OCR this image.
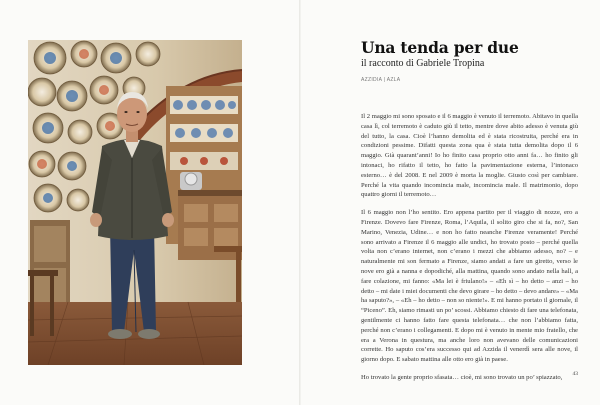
Una tenda per due

il racconto di Gabriele Tropina

AZZIDIA | AZLA

Il 2 maggio mi sono sposato e il 6 maggio è venuto il terremoto. Abitavo in quella casa lì, col terremoto è caduto giù il tetto, mentre dove abito adesso è venuta giù del tutto, la casa. Cioè l’hanno demolita ed è stata ricostruita, perché era in condizioni pessime. Difatti questa zona qua è stata tutta demolita dopo il 6 maggio. Già quarant’anni! Io ho finito casa proprio otto anni fa… ho finito gli intonaci, ho rifatto il tetto, ho fatto la pavimentazione esterna, l’intonaco esterno… è del 2008. E nel 2009 è morta la moglie. Giusto così per cambiare. Perché la vita quando incomincia male, incomincia male. Il matrimonio, dopo quattro giorni il terremoto…

Il 6 maggio non l’ho sentito. Ero appena partito per il viaggio di nozze, ero a Firenze. Dovevo fare Firenze, Roma, l’Aquila, il solito giro che si fa, no?, San Marino, Venezia, Udine… e non ho fatto neanche Firenze veramente! Perché sono arrivato a Firenze il 6 maggio alle undici, ho trovato posto – perché quella volta non c’erano internet, non c’erano i mezzi che abbiamo adesso, no? – e naturalmente mi son fermato a Firenze, siamo andati a fare un giretto, verso le nove ero già a nanna e dopodiché, alla mattina, quando sono andato nella hall, a fare colazione, mi fanno: «Ma lei è friulano!» – «Eh sì – ho detto – anzi – ho detto – mi date i miei documenti che devo girare – ho detto – devo andare» – «Ma ha saputo?», – «Eh – ho detto – non so niente!». E mi hanno portato il giornale, il “Piceno”. Eh, siamo rimasti un po’ scossi. Abbiamo chiesto di fare una telefonata, gentilmente ci hanno fatto fare questa telefonata… che non l’abbiamo fatta, perché non c’erano i collegamenti. E dopo mi è venuto in mente mio fratello, che era a Verona in questura, ma anche loro non avevano delle comunicazioni corrette. Ho saputo cos’era successo qui ad Azzida il venerdì sera alle nove, il giorno dopo. E sabato mattina alle otto ero già in paese.

Ho trovato la gente proprio sfasata… cioè, mi sono trovato un po’ spiazzato,	43
